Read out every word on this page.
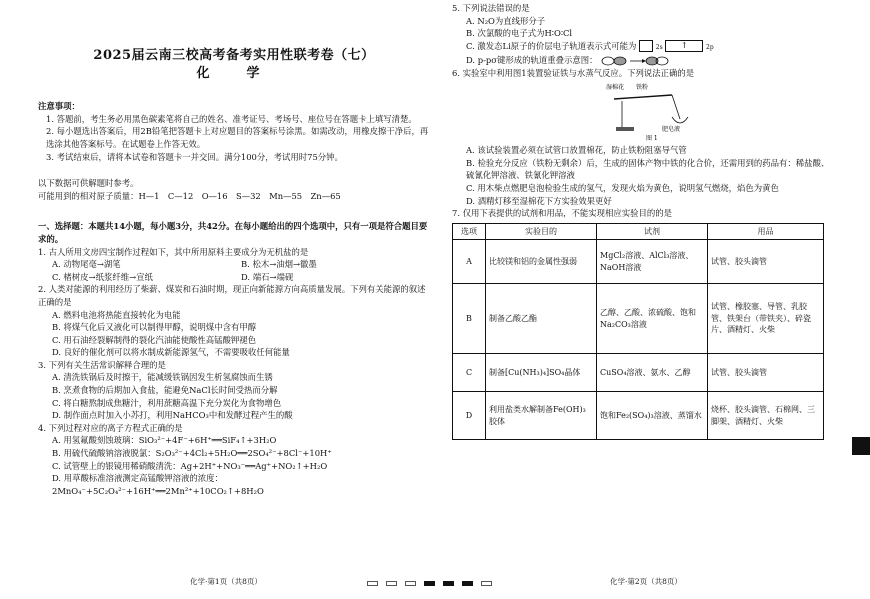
2025届云南三校高考备考实用性联考卷（七）
化　学
注意事项：

1. 答题前，考生务必用黑色碳素笔将自己的姓名、准考证号、考场号、座位号在答题卡上填写清楚。

2. 每小题选出答案后，用2B铅笔把答题卡上对应题目的答案标号涂黑。如需改动，用橡皮擦干净后，再选涂其他答案标号。在试题卷上作答无效。

3. 考试结束后，请将本试卷和答题卡一并交回。满分100分，考试用时75分钟。

以下数据可供解题时参考。

可能用到的相对原子质量：H—1　C—12　O—16　S—32　Mn—55　Zn—65

一、选择题：本题共14小题，每小题3分，共42分。在每小题给出的四个选项中，只有一项是符合题目要求的。

1. 古人所用文房四宝制作过程如下，其中所用原料主要成分为无机盐的是

A. 动物尾毫→湖笔	B. 松木→油烟→徽墨
C. 楮树皮→纸浆纤维→宣纸	D. 端石→端砚

2. 人类对能源的利用经历了柴薪、煤炭和石油时期，现正向新能源方向高质量发展。下列有关能源的叙述正确的是

A. 燃料电池将热能直接转化为电能

B. 将煤气化后又液化可以制得甲醇，说明煤中含有甲醇

C. 用石油经裂解制得的裂化汽油能使酸性高锰酸钾褪色

D. 良好的催化剂可以将水制成新能源氢气，不需要吸收任何能量

3. 下列有关生活常识解释合理的是

A. 清洗铁锅后及时擦干，能减缓铁锅因发生析氢腐蚀而生锈

B. 烹煮食物的后期加入食盐，能避免NaCl长时间受热而分解

C. 将白糖熬制成焦糖汁，利用蔗糖高温下充分炭化为食物增色

D. 制作面点时加入小苏打，利用NaHCO₃中和发酵过程产生的酸

4. 下列过程对应的离子方程式正确的是

A. 用氢氟酸刻蚀玻璃：SiO₃²⁻+4F⁻+6H⁺══SiF₄↑+3H₂O

B. 用硫代硫酸钠溶液脱氯：S₂O₃²⁻+4Cl₂+5H₂O══2SO₄²⁻+8Cl⁻+10H⁺

C. 试管壁上的银镜用稀硝酸清洗：Ag+2H⁺+NO₃⁻══Ag⁺+NO₂↑+H₂O

D. 用草酸标准溶液测定高锰酸钾溶液的浓度：2MnO₄⁻+5C₂O₄²⁻+16H⁺══2Mn²⁺+10CO₂↑+8H₂O

5. 下列说法错误的是

A. N₂O为直线形分子

B. 次氯酸的电子式为H∶O∶Cl

C. 激发态Li原子的价层电子轨道表示式可能为	2s ↑	2p

D. p-pσ键形成的轨道重叠示意图：

6. 实验室中利用图1装置验证铁与水蒸气反应。下列说法正确的是

湿棉花 铁粉
肥皂液
图 1

A. 该试验装置必须在试管口放置棉花，防止铁粉阻塞导气管

B. 检验充分反应（铁粉无剩余）后，生成的固体产物中铁的化合价，还需用到的药品有：稀盐酸、硫氰化钾溶液、铁氰化钾溶液

C. 用木柴点燃肥皂泡检验生成的氢气，发现火焰为黄色，说明氢气燃烧，焰色为黄色

D. 酒精灯移至湿棉花下方实验效果更好

7. 仅用下表提供的试剂和用品，不能实现相应实验目的的是

选项	实验目的	试剂	用品
A	比较镁和铝的金属性强弱	MgCl₂溶液、AlCl₃溶液、NaOH溶液	试管、胶头滴管
B	制备乙酸乙酯	乙醇、乙酸、浓硫酸、饱和Na₂CO₃溶液	试管、橡胶塞、导管、乳胶管、铁架台（带铁夹）、碎瓷片、酒精灯、火柴
C	制备[Cu(NH₃)₄]SO₄晶体	CuSO₄溶液、氨水、乙醇	试管、胶头滴管
D	利用盐类水解制备Fe(OH)₃胶体	饱和Fe₂(SO₄)₃溶液、蒸馏水	烧杯、胶头滴管、石棉网、三脚架、酒精灯、火柴
化学·第1页（共8页）	化学·第2页（共8页）
